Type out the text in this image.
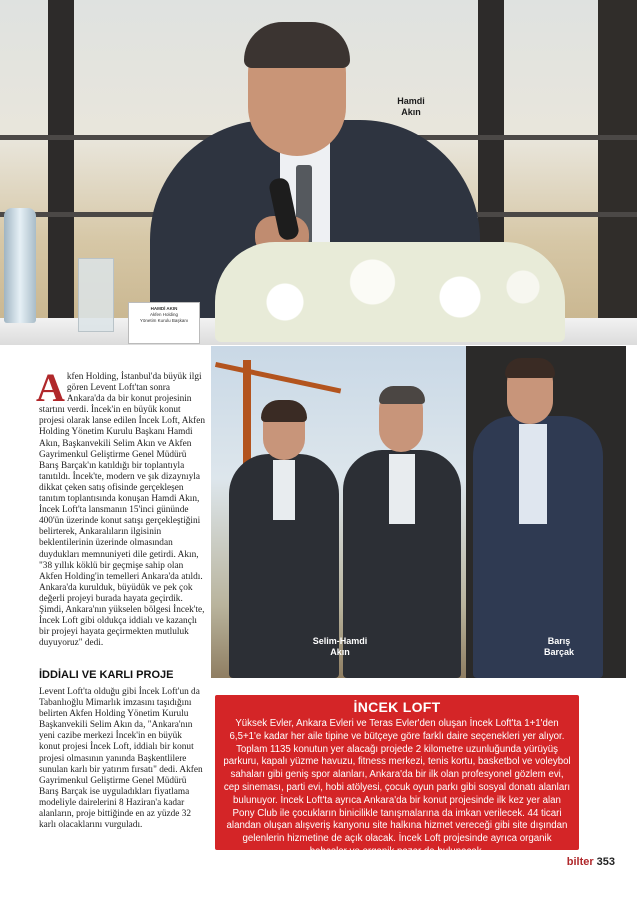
HAMDİ AKIN
Akfen Holding
Yönetim Kurulu Başkanı
Hamdi
Akın
Selim-Hamdi
Akın
Barış
Barçak
A kfen Holding, İstanbul'da büyük ilgi gören Levent Loft'tan sonra Ankara'da da bir konut projesinin startını verdi. İncek'in en büyük konut projesi olarak lanse edilen İncek Loft, Akfen Holding Yönetim Kurulu Başkanı Hamdi Akın, Başkanvekili Selim Akın ve Akfen Gayrimenkul Geliştirme Genel Müdürü Barış Barçak'ın katıldığı bir toplantıyla tanıtıldı. İncek'te, modern ve şık dizaynıyla dikkat çeken satış ofisinde gerçekleşen tanıtım toplantısında konuşan Hamdi Akın, İncek Loft'ta lansmanın 15'inci gününde 400'ün üzerinde konut satışı gerçekleştiğini belirterek, Ankaralıların ilgisinin beklentilerinin üzerinde olmasından duydukları memnuniyeti dile getirdi. Akın, "38 yıllık köklü bir geçmişe sahip olan Akfen Holding'in temelleri Ankara'da atıldı. Ankara'da kurulduk, büyüdük ve pek çok değerli projeyi burada hayata geçirdik. Şimdi, Ankara'nın yükselen bölgesi İncek'te, İncek Loft gibi oldukça iddialı ve kazançlı bir projeyi hayata geçirmekten mutluluk duyuyoruz" dedi.

İDDİALI VE KARLI PROJE

Levent Loft'ta olduğu gibi İncek Loft'un da Tabanlıoğlu Mimarlık imzasını taşıdığını belirten Akfen Holding Yönetim Kurulu Başkanvekili Selim Akın da, "Ankara'nın yeni cazibe merkezi İncek'in en büyük konut projesi İncek Loft, iddialı bir konut projesi olmasının yanında Başkentlilere sunulan karlı bir yatırım fırsatı" dedi. Akfen Gayrimenkul Geliştirme Genel Müdürü Barış Barçak ise uyguladıkları fiyatlama modeliyle dairelerini 8 Haziran'a kadar alanların, proje bittiğinde en az yüzde 32 karlı olacaklarını vurguladı.

İNCEK LOFT

Yüksek Evler, Ankara Evleri ve Teras Evler'den oluşan İncek Loft'ta 1+1'den 6,5+1'e kadar her aile tipine ve bütçeye göre farklı daire seçenekleri yer alıyor. Toplam 1135 konutun yer alacağı projede 2 kilometre uzunluğunda yürüyüş parkuru, kapalı yüzme havuzu, fitness merkezi, tenis kortu, basketbol ve voleybol sahaları gibi geniş spor alanları, Ankara'da bir ilk olan profesyonel gözlem evi, cep sineması, parti evi, hobi atölyesi, çocuk oyun parkı gibi sosyal donatı alanları bulunuyor. İncek Loft'ta ayrıca Ankara'da bir konut projesinde ilk kez yer alan Pony Club ile çocukların binicilikle tanışmalarına da imkan verilecek. 44 ticari alandan oluşan alışveriş kanyonu site halkına hizmet vereceği gibi site dışından gelenlerin hizmetine de açık olacak. İncek Loft projesinde ayrıca organik bahçeler ve organik pazar da bulunacak.

bilter 353
